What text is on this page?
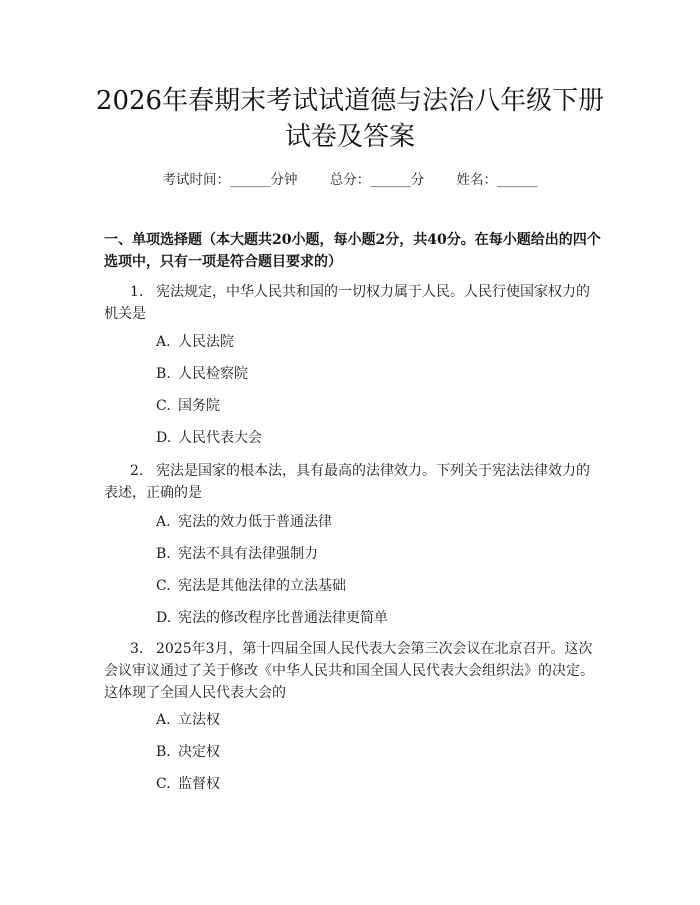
2026年春期末考试试道德与法治八年级下册
试卷及答案
考试时间：______分钟 总分：______分 姓名：______
一、单项选择题（本大题共20小题，每小题2分，共40分。在每小题给出的四个选项中，只有一项是符合题目要求的）
1. 宪法规定，中华人民共和国的一切权力属于人民。人民行使国家权力的机关是
A. 人民法院
B. 人民检察院
C. 国务院
D. 人民代表大会
2. 宪法是国家的根本法，具有最高的法律效力。下列关于宪法法律效力的表述，正确的是
A. 宪法的效力低于普通法律
B. 宪法不具有法律强制力
C. 宪法是其他法律的立法基础
D. 宪法的修改程序比普通法律更简单
3. 2025年3月，第十四届全国人民代表大会第三次会议在北京召开。这次会议审议通过了关于修改《中华人民共和国全国人民代表大会组织法》的决定。这体现了全国人民代表大会的
A. 立法权
B. 决定权
C. 监督权
